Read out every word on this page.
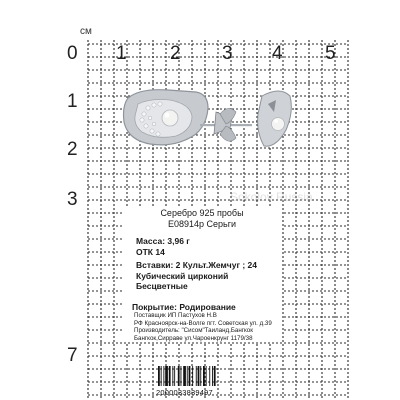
см
0 1 2 3 4 5
1
2
3
7
Sokolov Russia
Серебро 925 пробы
E08914р Серьги
Масса: 3,96 г
ОТК 14
Вставки: 2 Культ.Жемчуг ; 24
Кубический цирконий
Бесцветные
Покрытие: Родирование
Поставщик ИП Пастухов Н.В
РФ Красноярск-на-Волге пгт. Советская ул. д.39
Производитель: "Сисом"Таиланд,Бангкок
Бангкок,Сирраве ул.Чароенкрунг 1179/38
2000033839497
